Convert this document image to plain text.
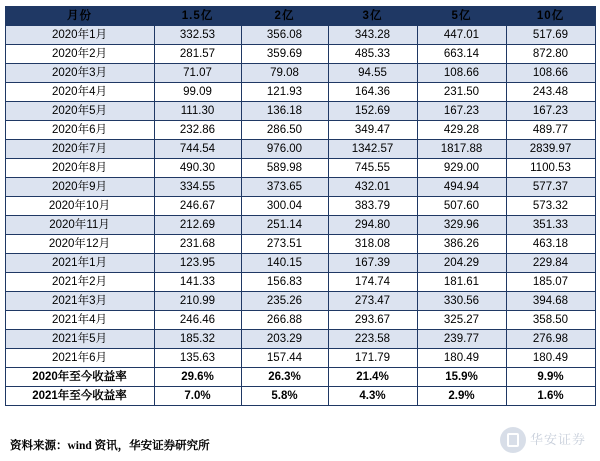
月份	1.5亿	2亿	3亿	5亿	10亿
2020年1月	332.53	356.08	343.28	447.01	517.69
2020年2月	281.57	359.69	485.33	663.14	872.80
2020年3月	71.07	79.08	94.55	108.66	108.66
2020年4月	99.09	121.93	164.36	231.50	243.48
2020年5月	111.30	136.18	152.69	167.23	167.23
2020年6月	232.86	286.50	349.47	429.28	489.77
2020年7月	744.54	976.00	1342.57	1817.88	2839.97
2020年8月	490.30	589.98	745.55	929.00	1100.53
2020年9月	334.55	373.65	432.01	494.94	577.37
2020年10月	246.67	300.04	383.79	507.60	573.32
2020年11月	212.69	251.14	294.80	329.96	351.33
2020年12月	231.68	273.51	318.08	386.26	463.18
2021年1月	123.95	140.15	167.39	204.29	229.84
2021年2月	141.33	156.83	174.74	181.61	185.07
2021年3月	210.99	235.26	273.47	330.56	394.68
2021年4月	246.46	266.88	293.67	325.27	358.50
2021年5月	185.32	203.29	223.58	239.77	276.98
2021年6月	135.63	157.44	171.79	180.49	180.49
2020年至今收益率	29.6%	26.3%	21.4%	15.9%	9.9%
2021年至今收益率	7.0%	5.8%	4.3%	2.9%	1.6%
资料来源：wind 资讯，华安证券研究所	华安证券
